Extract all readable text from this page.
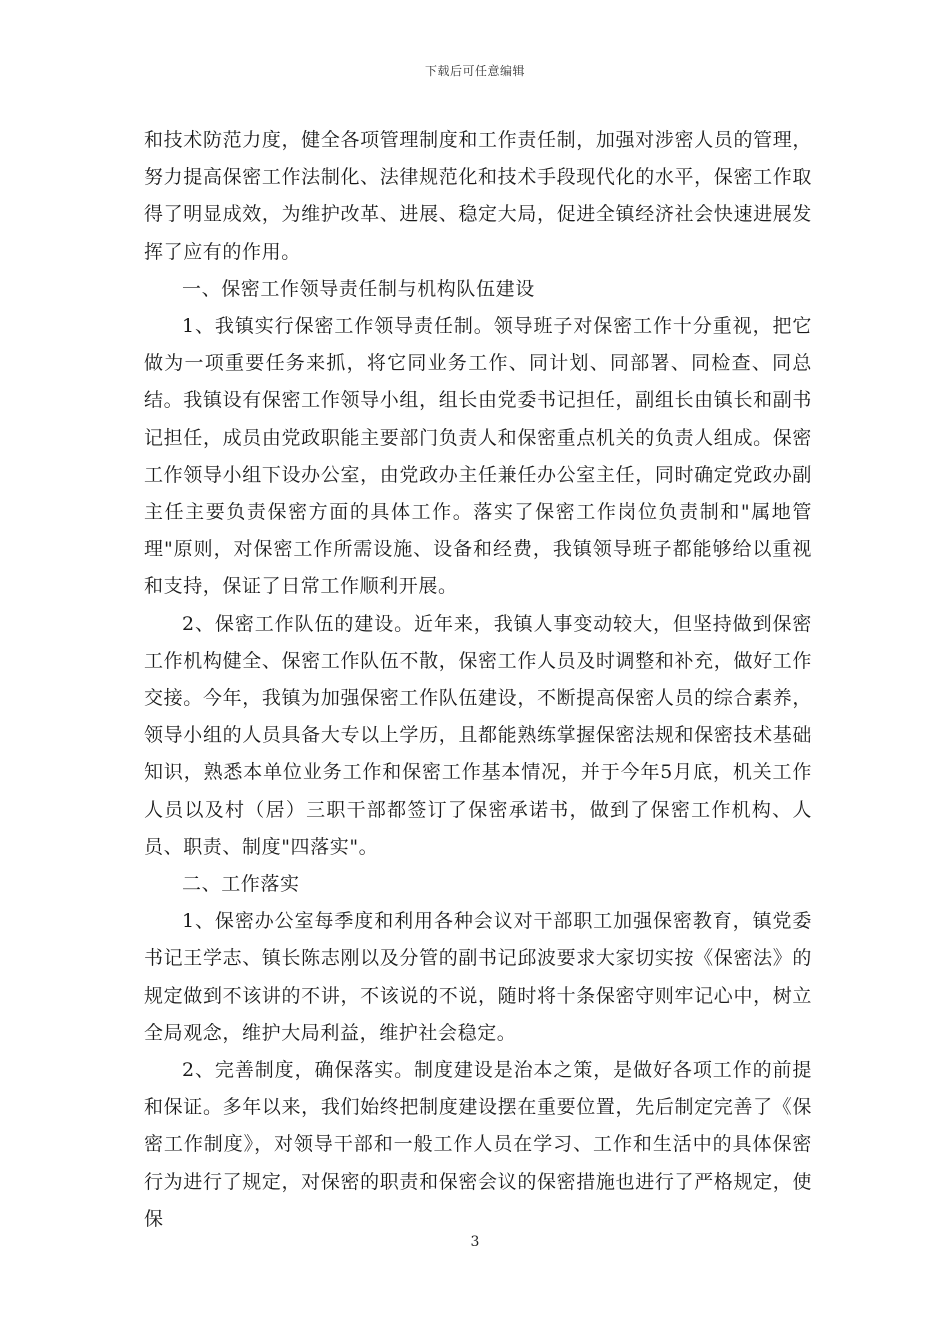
下载后可任意编辑

和技术防范力度，健全各项管理制度和工作责任制，加强对涉密人员的管理，努力提高保密工作法制化、法律规范化和技术手段现代化的水平，保密工作取得了明显成效，为维护改革、进展、稳定大局，促进全镇经济社会快速进展发挥了应有的作用。

一、保密工作领导责任制与机构队伍建设

1、我镇实行保密工作领导责任制。领导班子对保密工作十分重视，把它做为一项重要任务来抓，将它同业务工作、同计划、同部署、同检查、同总结。我镇设有保密工作领导小组，组长由党委书记担任，副组长由镇长和副书记担任，成员由党政职能主要部门负责人和保密重点机关的负责人组成。保密工作领导小组下设办公室，由党政办主任兼任办公室主任，同时确定党政办副主任主要负责保密方面的具体工作。落实了保密工作岗位负责制和"属地管理"原则，对保密工作所需设施、设备和经费，我镇领导班子都能够给以重视和支持，保证了日常工作顺利开展。

2、保密工作队伍的建设。近年来，我镇人事变动较大，但坚持做到保密工作机构健全、保密工作队伍不散，保密工作人员及时调整和补充，做好工作交接。今年，我镇为加强保密工作队伍建设，不断提高保密人员的综合素养，领导小组的人员具备大专以上学历，且都能熟练掌握保密法规和保密技术基础知识，熟悉本单位业务工作和保密工作基本情况，并于今年5月底，机关工作人员以及村（居）三职干部都签订了保密承诺书，做到了保密工作机构、人员、职责、制度"四落实"。

二、工作落实

1、保密办公室每季度和利用各种会议对干部职工加强保密教育，镇党委书记王学志、镇长陈志刚以及分管的副书记邱波要求大家切实按《保密法》的规定做到不该讲的不讲，不该说的不说，随时将十条保密守则牢记心中，树立全局观念，维护大局利益，维护社会稳定。

2、完善制度，确保落实。制度建设是治本之策，是做好各项工作的前提和保证。多年以来，我们始终把制度建设摆在重要位置，先后制定完善了《保密工作制度》，对领导干部和一般工作人员在学习、工作和生活中的具体保密行为进行了规定，对保密的职责和保密会议的保密措施也进行了严格规定，使保

3
